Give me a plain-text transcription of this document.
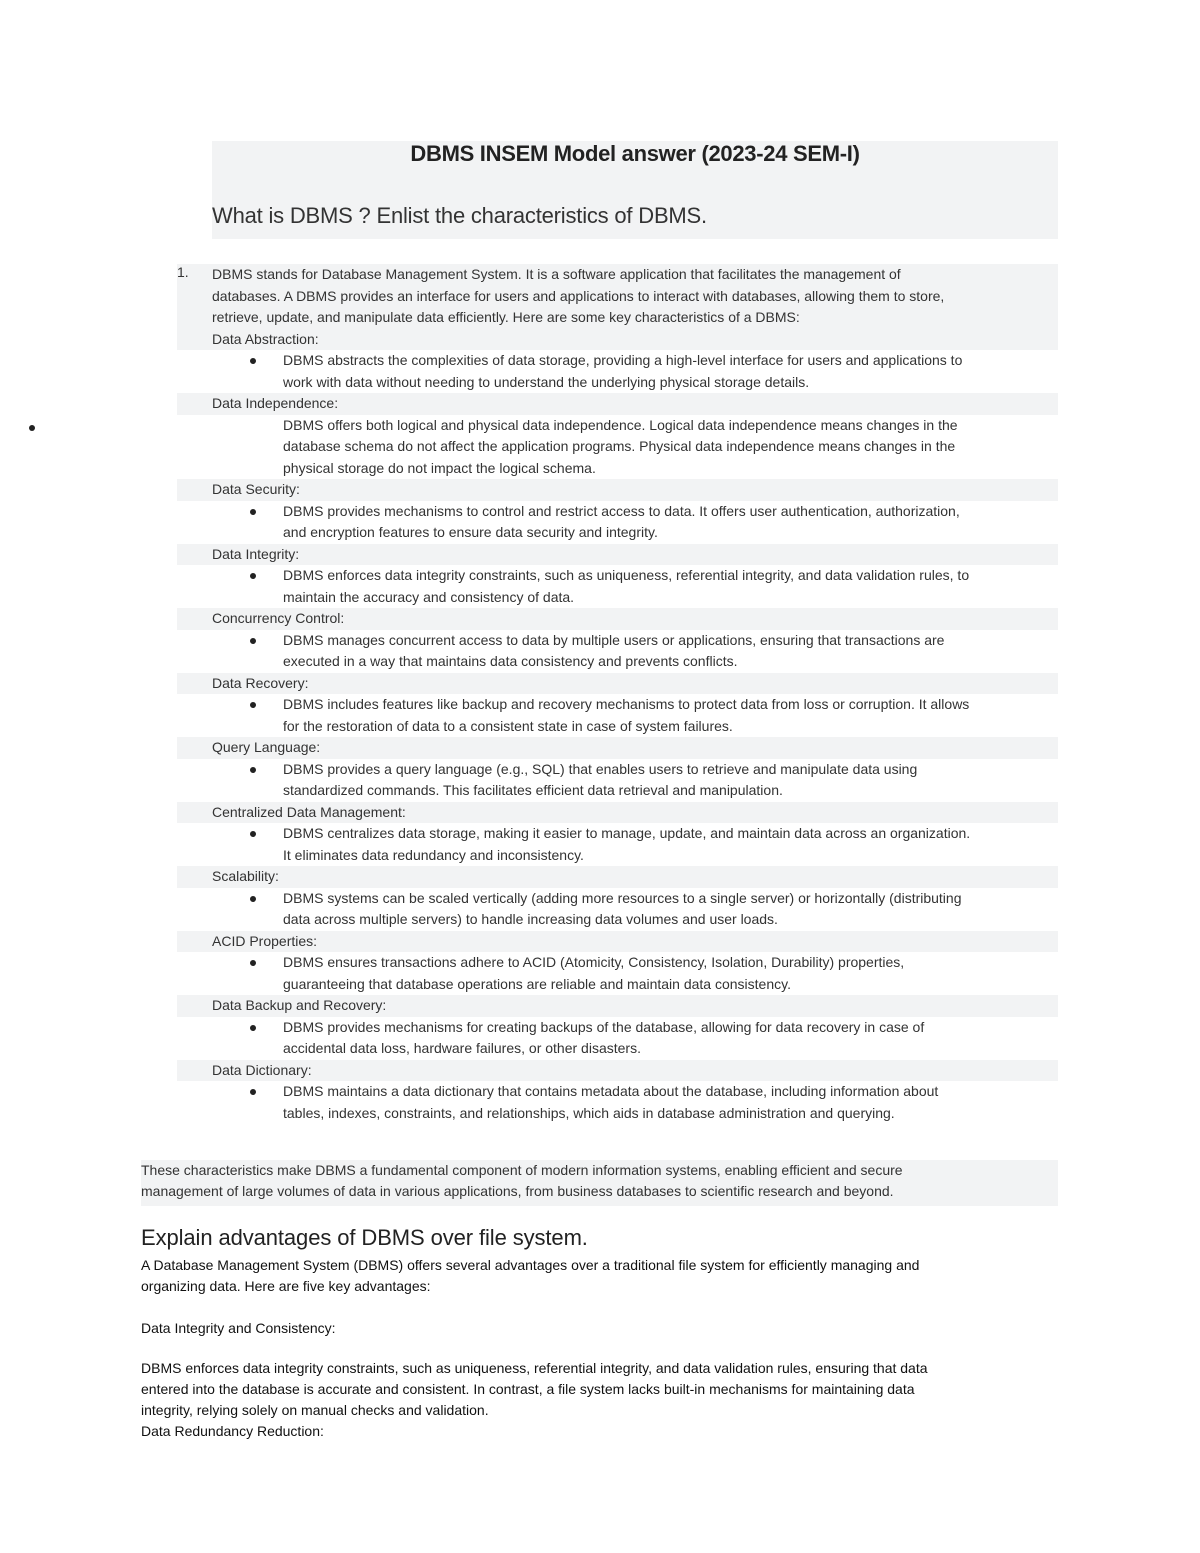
DBMS INSEM Model answer (2023-24 SEM-I)
What is DBMS ? Enlist the characteristics of DBMS.
1. DBMS stands for Database Management System. It is a software application that facilitates the management of
databases. A DBMS provides an interface for users and applications to interact with databases, allowing them to store,
retrieve, update, and manipulate data efficiently. Here are some key characteristics of a DBMS:
Data Abstraction:
DBMS abstracts the complexities of data storage, providing a high-level interface for users and applications to
work with data without needing to understand the underlying physical storage details.
Data Independence:
DBMS offers both logical and physical data independence. Logical data independence means changes in the
database schema do not affect the application programs. Physical data independence means changes in the
physical storage do not impact the logical schema.
Data Security:
DBMS provides mechanisms to control and restrict access to data. It offers user authentication, authorization,
and encryption features to ensure data security and integrity.
Data Integrity:
DBMS enforces data integrity constraints, such as uniqueness, referential integrity, and data validation rules, to
maintain the accuracy and consistency of data.
Concurrency Control:
DBMS manages concurrent access to data by multiple users or applications, ensuring that transactions are
executed in a way that maintains data consistency and prevents conflicts.
Data Recovery:
DBMS includes features like backup and recovery mechanisms to protect data from loss or corruption. It allows
for the restoration of data to a consistent state in case of system failures.
Query Language:
DBMS provides a query language (e.g., SQL) that enables users to retrieve and manipulate data using
standardized commands. This facilitates efficient data retrieval and manipulation.
Centralized Data Management:
DBMS centralizes data storage, making it easier to manage, update, and maintain data across an organization.
It eliminates data redundancy and inconsistency.
Scalability:
DBMS systems can be scaled vertically (adding more resources to a single server) or horizontally (distributing
data across multiple servers) to handle increasing data volumes and user loads.
ACID Properties:
DBMS ensures transactions adhere to ACID (Atomicity, Consistency, Isolation, Durability) properties,
guaranteeing that database operations are reliable and maintain data consistency.
Data Backup and Recovery:
DBMS provides mechanisms for creating backups of the database, allowing for data recovery in case of
accidental data loss, hardware failures, or other disasters.
Data Dictionary:
DBMS maintains a data dictionary that contains metadata about the database, including information about
tables, indexes, constraints, and relationships, which aids in database administration and querying.
These characteristics make DBMS a fundamental component of modern information systems, enabling efficient and secure
management of large volumes of data in various applications, from business databases to scientific research and beyond.
Explain advantages of DBMS over file system.
A Database Management System (DBMS) offers several advantages over a traditional file system for efficiently managing and
organizing data. Here are five key advantages:
Data Integrity and Consistency:
DBMS enforces data integrity constraints, such as uniqueness, referential integrity, and data validation rules, ensuring that data
entered into the database is accurate and consistent. In contrast, a file system lacks built-in mechanisms for maintaining data
integrity, relying solely on manual checks and validation.
Data Redundancy Reduction:
